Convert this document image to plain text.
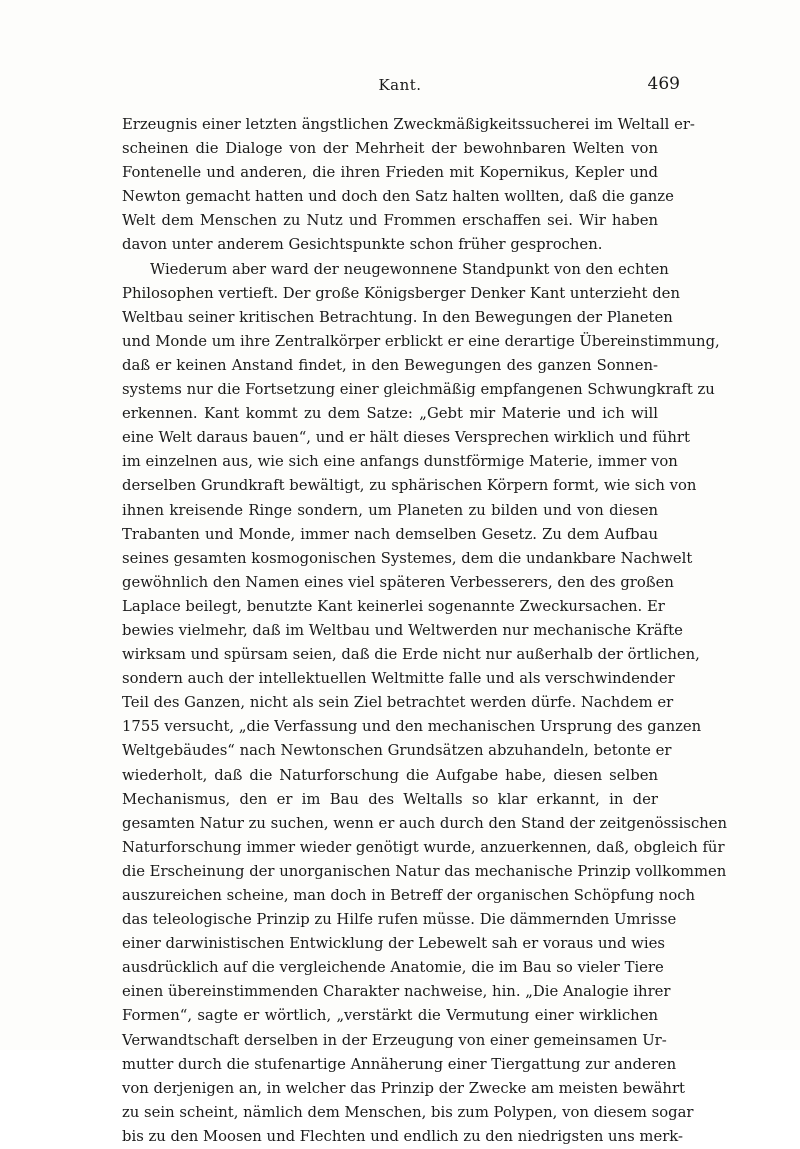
Kant.	469
Erzeugnis einer letzten ängstlichen Zweckmäßigkeitssucherei im Weltall er-
scheinen die Dialoge von der Mehrheit der bewohnbaren Welten von
Fontenelle und anderen, die ihren Frieden mit Kopernikus, Kepler und
Newton gemacht hatten und doch den Satz halten wollten, daß die ganze
Welt dem Menschen zu Nutz und Frommen erschaffen sei. Wir haben
davon unter anderem Gesichtspunkte schon früher gesprochen.
Wiederum aber ward der neugewonnene Standpunkt von den echten
Philosophen vertieft. Der große Königsberger Denker Kant unterzieht den
Weltbau seiner kritischen Betrachtung. In den Bewegungen der Planeten
und Monde um ihre Zentralkörper erblickt er eine derartige Übereinstimmung,
daß er keinen Anstand findet, in den Bewegungen des ganzen Sonnen-
systems nur die Fortsetzung einer gleichmäßig empfangenen Schwungkraft zu
erkennen. Kant kommt zu dem Satze: „Gebt mir Materie und ich will
eine Welt daraus bauen“, und er hält dieses Versprechen wirklich und führt
im einzelnen aus, wie sich eine anfangs dunstförmige Materie, immer von
derselben Grundkraft bewältigt, zu sphärischen Körpern formt, wie sich von
ihnen kreisende Ringe sondern, um Planeten zu bilden und von diesen
Trabanten und Monde, immer nach demselben Gesetz. Zu dem Aufbau
seines gesamten kosmogonischen Systemes, dem die undankbare Nachwelt
gewöhnlich den Namen eines viel späteren Verbesserers, den des großen
Laplace beilegt, benutzte Kant keinerlei sogenannte Zweckursachen. Er
bewies vielmehr, daß im Weltbau und Weltwerden nur mechanische Kräfte
wirksam und spürsam seien, daß die Erde nicht nur außerhalb der örtlichen,
sondern auch der intellektuellen Weltmitte falle und als verschwindender
Teil des Ganzen, nicht als sein Ziel betrachtet werden dürfe. Nachdem er
1755 versucht, „die Verfassung und den mechanischen Ursprung des ganzen
Weltgebäudes“ nach Newtonschen Grundsätzen abzuhandeln, betonte er
wiederholt, daß die Naturforschung die Aufgabe habe, diesen selben
Mechanismus, den er im Bau des Weltalls so klar erkannt, in der
gesamten Natur zu suchen, wenn er auch durch den Stand der zeitgenössischen
Naturforschung immer wieder genötigt wurde, anzuerkennen, daß, obgleich für
die Erscheinung der unorganischen Natur das mechanische Prinzip vollkommen
auszureichen scheine, man doch in Betreff der organischen Schöpfung noch
das teleologische Prinzip zu Hilfe rufen müsse. Die dämmernden Umrisse
einer darwinistischen Entwicklung der Lebewelt sah er voraus und wies
ausdrücklich auf die vergleichende Anatomie, die im Bau so vieler Tiere
einen übereinstimmenden Charakter nachweise, hin. „Die Analogie ihrer
Formen“, sagte er wörtlich, „verstärkt die Vermutung einer wirklichen
Verwandtschaft derselben in der Erzeugung von einer gemeinsamen Ur-
mutter durch die stufenartige Annäherung einer Tiergattung zur anderen
von derjenigen an, in welcher das Prinzip der Zwecke am meisten bewährt
zu sein scheint, nämlich dem Menschen, bis zum Polypen, von diesem sogar
bis zu den Moosen und Flechten und endlich zu den niedrigsten uns merk-
